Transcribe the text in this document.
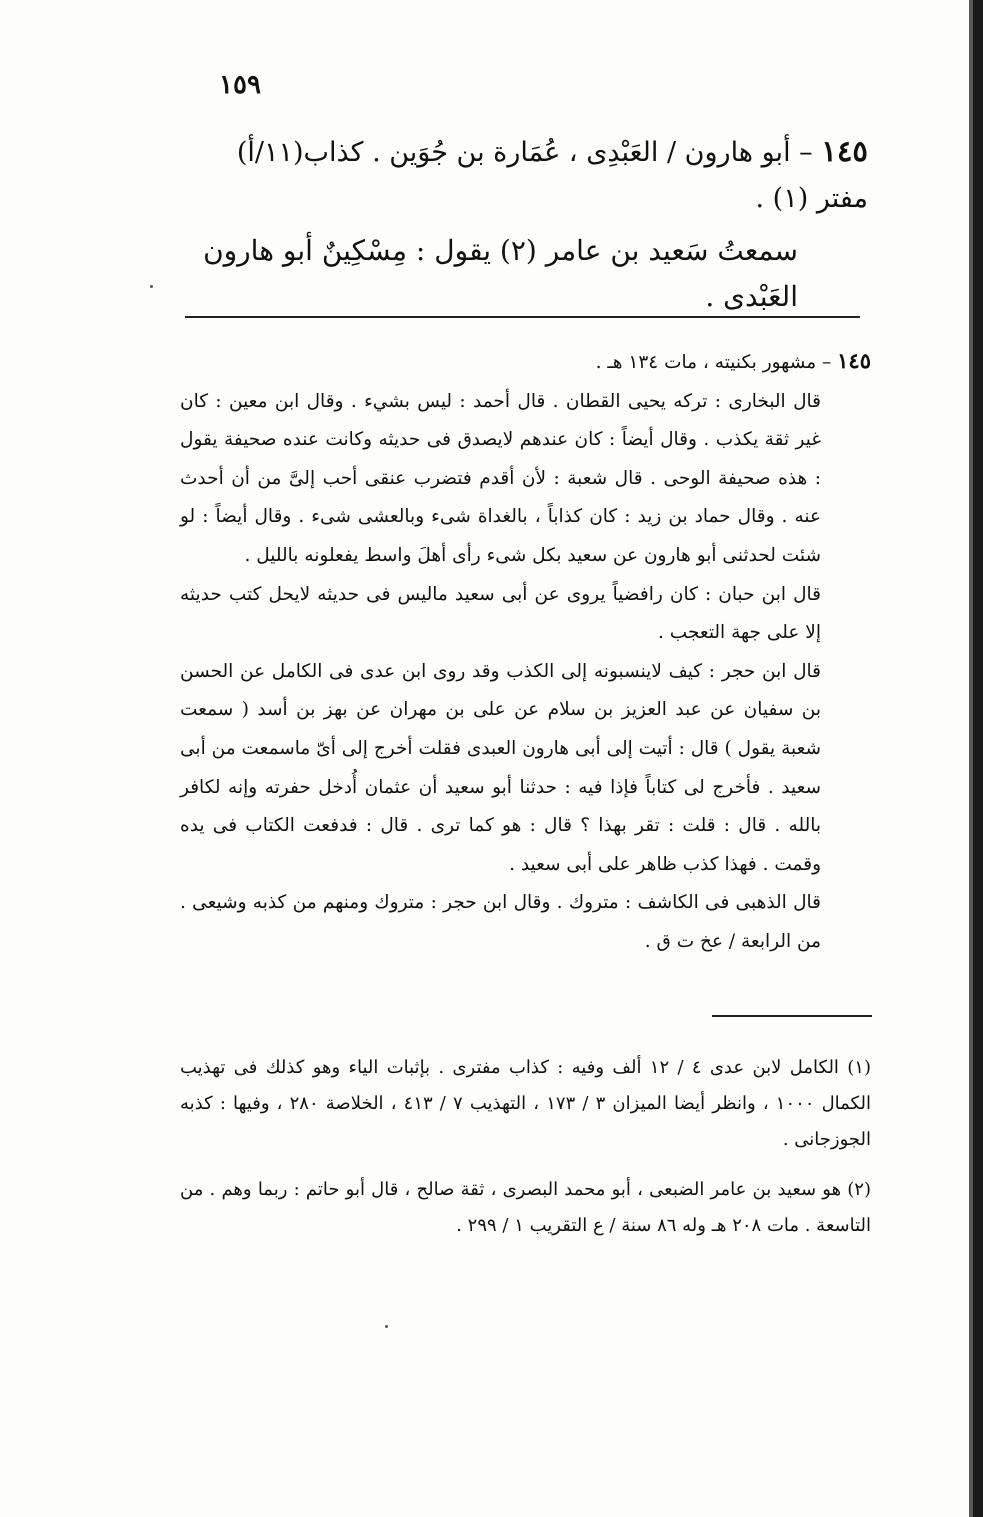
١٥٩

١٤٥ – أبو هارون / العَبْدِى ، عُمَارة بن جُوَين . كذاب(١١/أ)

مفتر (١) .

سمعتُ سَعيد بن عامر (٢) يقول : مِسْكِينٌ أبو هارون العَبْدى .

١٤٥ – مشهور بكنيته ، مات ١٣٤ هـ .

قال البخارى : تركه يحيى القطان . قال أحمد : ليس بشيء . وقال ابن معين : كان غير ثقة يكذب . وقال أيضاً : كان عندهم لايصدق فى حديثه وكانت عنده صحيفة يقول : هذه صحيفة الوحى . قال شعبة : لأن أقدم فتضرب عنقى أحب إلىَّ من أن أحدث عنه . وقال حماد بن زيد : كان كذاباً ، بالغداة شىء وبالعشى شىء . وقال أيضاً : لو شئت لحدثنى أبو هارون عن سعيد بكل شىء رأى أهلَ واسط يفعلونه بالليل .

قال ابن حبان : كان رافضياً يروى عن أبى سعيد ماليس فى حديثه لايحل كتب حديثه إلا على جهة التعجب .

قال ابن حجر : كيف لاينسبونه إلى الكذب وقد روى ابن عدى فى الكامل عن الحسن بن سفيان عن عبد العزيز بن سلام عن على بن مهران عن بهز بن أسد ( سمعت شعبة يقول ) قال : أتيت إلى أبى هارون العبدى فقلت أخرج إلى أىّ ماسمعت من أبى سعيد . فأخرج لى كتاباً فإذا فيه : حدثنا أبو سعيد أن عثمان أُدخل حفرته وإنه لكافر بالله . قال : قلت : تقر بهذا ؟ قال : هو كما ترى . قال : فدفعت الكتاب فى يده وقمت . فهذا كذب ظاهر على أبى سعيد .

قال الذهبى فى الكاشف : متروك . وقال ابن حجر : متروك ومنهم من كذبه وشيعى . من الرابعة / عخ ت ق .

(١) الكامل لابن عدى ٤ / ١٢ ألف وفيه : كذاب مفترى . بإثبات الياء وهو كذلك فى تهذيب الكمال ١٠٠٠ ، وانظر أيضا الميزان ٣ / ١٧٣ ، التهذيب ٧ / ٤١٣ ، الخلاصة ٢٨٠ ، وفيها : كذبه الجوزجانى .

(٢) هو سعيد بن عامر الضبعى ، أبو محمد البصرى ، ثقة صالح ، قال أبو حاتم : ربما وهم . من التاسعة . مات ٢٠٨ هـ وله ٨٦ سنة / ع التقريب ١ / ٢٩٩ .
